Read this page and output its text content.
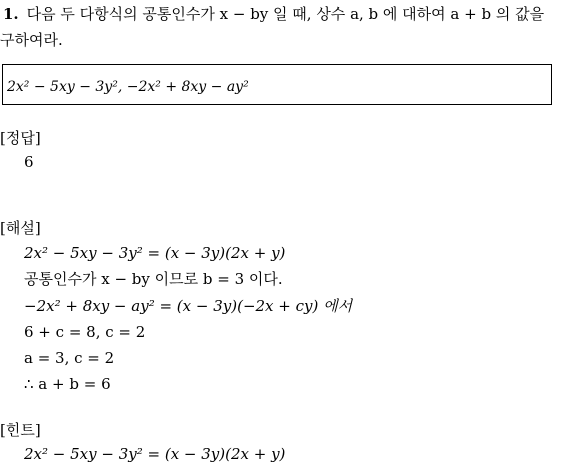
1. 다음 두 다항식의 공통인수가 x − by 일 때, 상수 a, b 에 대하여 a + b 의 값을
구하여라.
2x² − 5xy − 3y², −2x² + 8xy − ay²
[정답]
6
[해설]
2x² − 5xy − 3y² = (x − 3y)(2x + y)
공통인수가 x − by 이므로 b = 3 이다.
−2x² + 8xy − ay² = (x − 3y)(−2x + cy) 에서
6 + c = 8, c = 2
a = 3, c = 2
∴ a + b = 6
[힌트]
2x² − 5xy − 3y² = (x − 3y)(2x + y)
